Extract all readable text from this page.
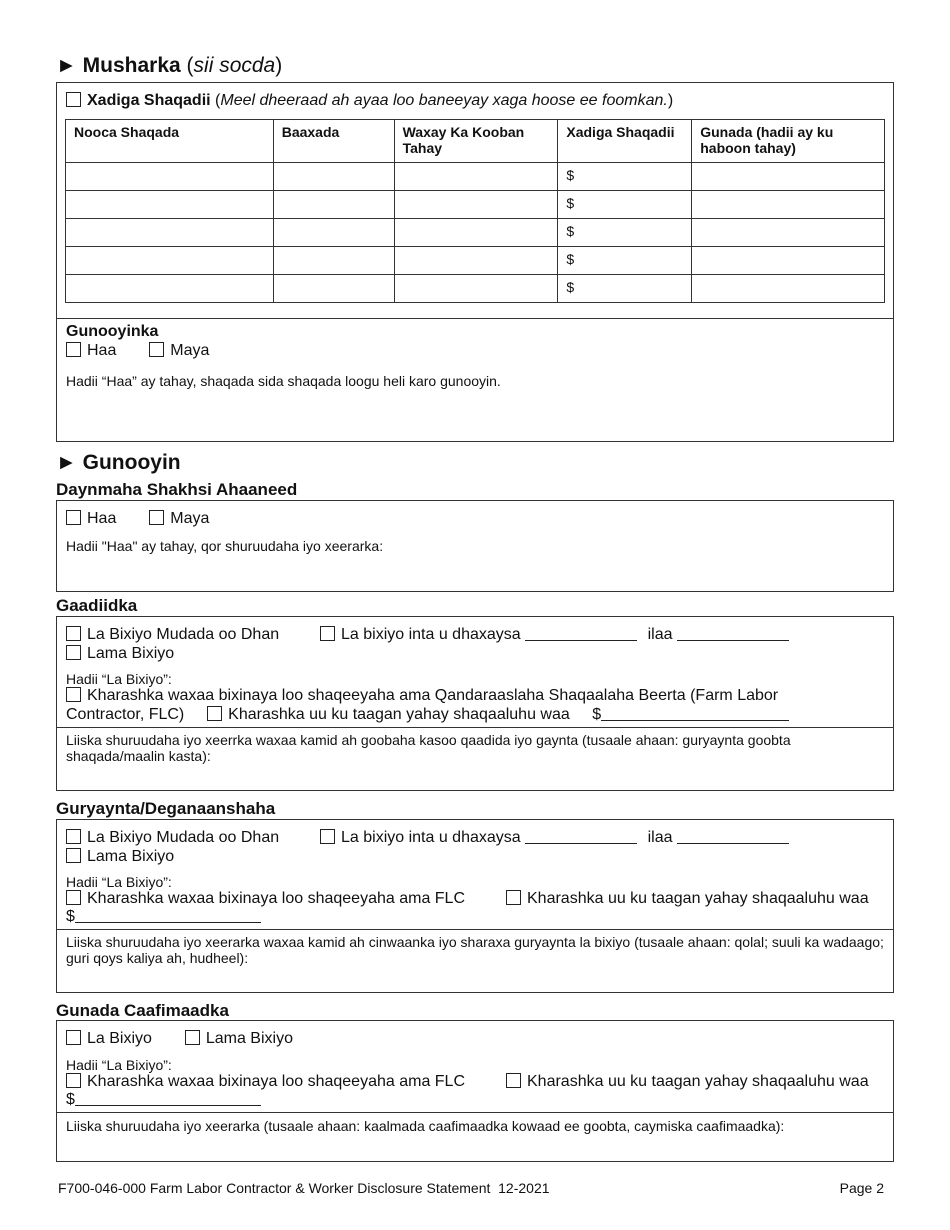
► Musharka (sii socda)
Xadiga Shaqadii (Meel dheeraad ah ayaa loo baneeyay xaga hoose ee foomkan.)
Nooca Shaqada	Baaxada	Waxay Ka Kooban Tahay	Xadiga Shaqadii	Gunada (hadii ay ku haboon tahay)
			$	
			$	
			$	
			$	
			$	
Gunooyinka
Haa	Maya
Hadii “Haa” ay tahay, shaqada sida shaqada loogu heli karo gunooyin.
► Gunooyin
Daynmaha Shakhsi Ahaaneed
Haa	Maya
Hadii "Haa" ay tahay, qor shuruudaha iyo xeerarka:
Gaadiidka
La Bixiyo Mudada oo Dhan	La bixiyo inta u dhaxaysa	ilaa
Lama Bixiyo
Hadii “La Bixiyo”:
Kharashka waxaa bixinaya loo shaqeeyaha ama Qandaraaslaha Shaqaalaha Beerta (Farm Labor
Contractor, FLC)	Kharashka uu ku taagan yahay shaqaaluhu waa $
Liiska shuruudaha iyo xeerrka waxaa kamid ah goobaha kasoo qaadida iyo gaynta (tusaale ahaan: guryaynta goobta shaqada/maalin kasta):
Guryaynta/Deganaanshaha
La Bixiyo Mudada oo Dhan	La bixiyo inta u dhaxaysa	ilaa
Lama Bixiyo
Hadii “La Bixiyo”:
Kharashka waxaa bixinaya loo shaqeeyaha ama FLC	Kharashka uu ku taagan yahay shaqaaluhu waa
$
Liiska shuruudaha iyo xeerarka waxaa kamid ah cinwaanka iyo sharaxa guryaynta la bixiyo (tusaale ahaan: qolal; suuli ka wadaago; guri qoys kaliya ah, hudheel):
Gunada Caafimaadka
La Bixiyo	Lama Bixiyo
Hadii “La Bixiyo”:
Kharashka waxaa bixinaya loo shaqeeyaha ama FLC	Kharashka uu ku taagan yahay shaqaaluhu waa
$
Liiska shuruudaha iyo xeerarka (tusaale ahaan: kaalmada caafimaadka kowaad ee goobta, caymiska caafimaadka):
F700-046-000 Farm Labor Contractor & Worker Disclosure Statement  12-2021	Page 2
